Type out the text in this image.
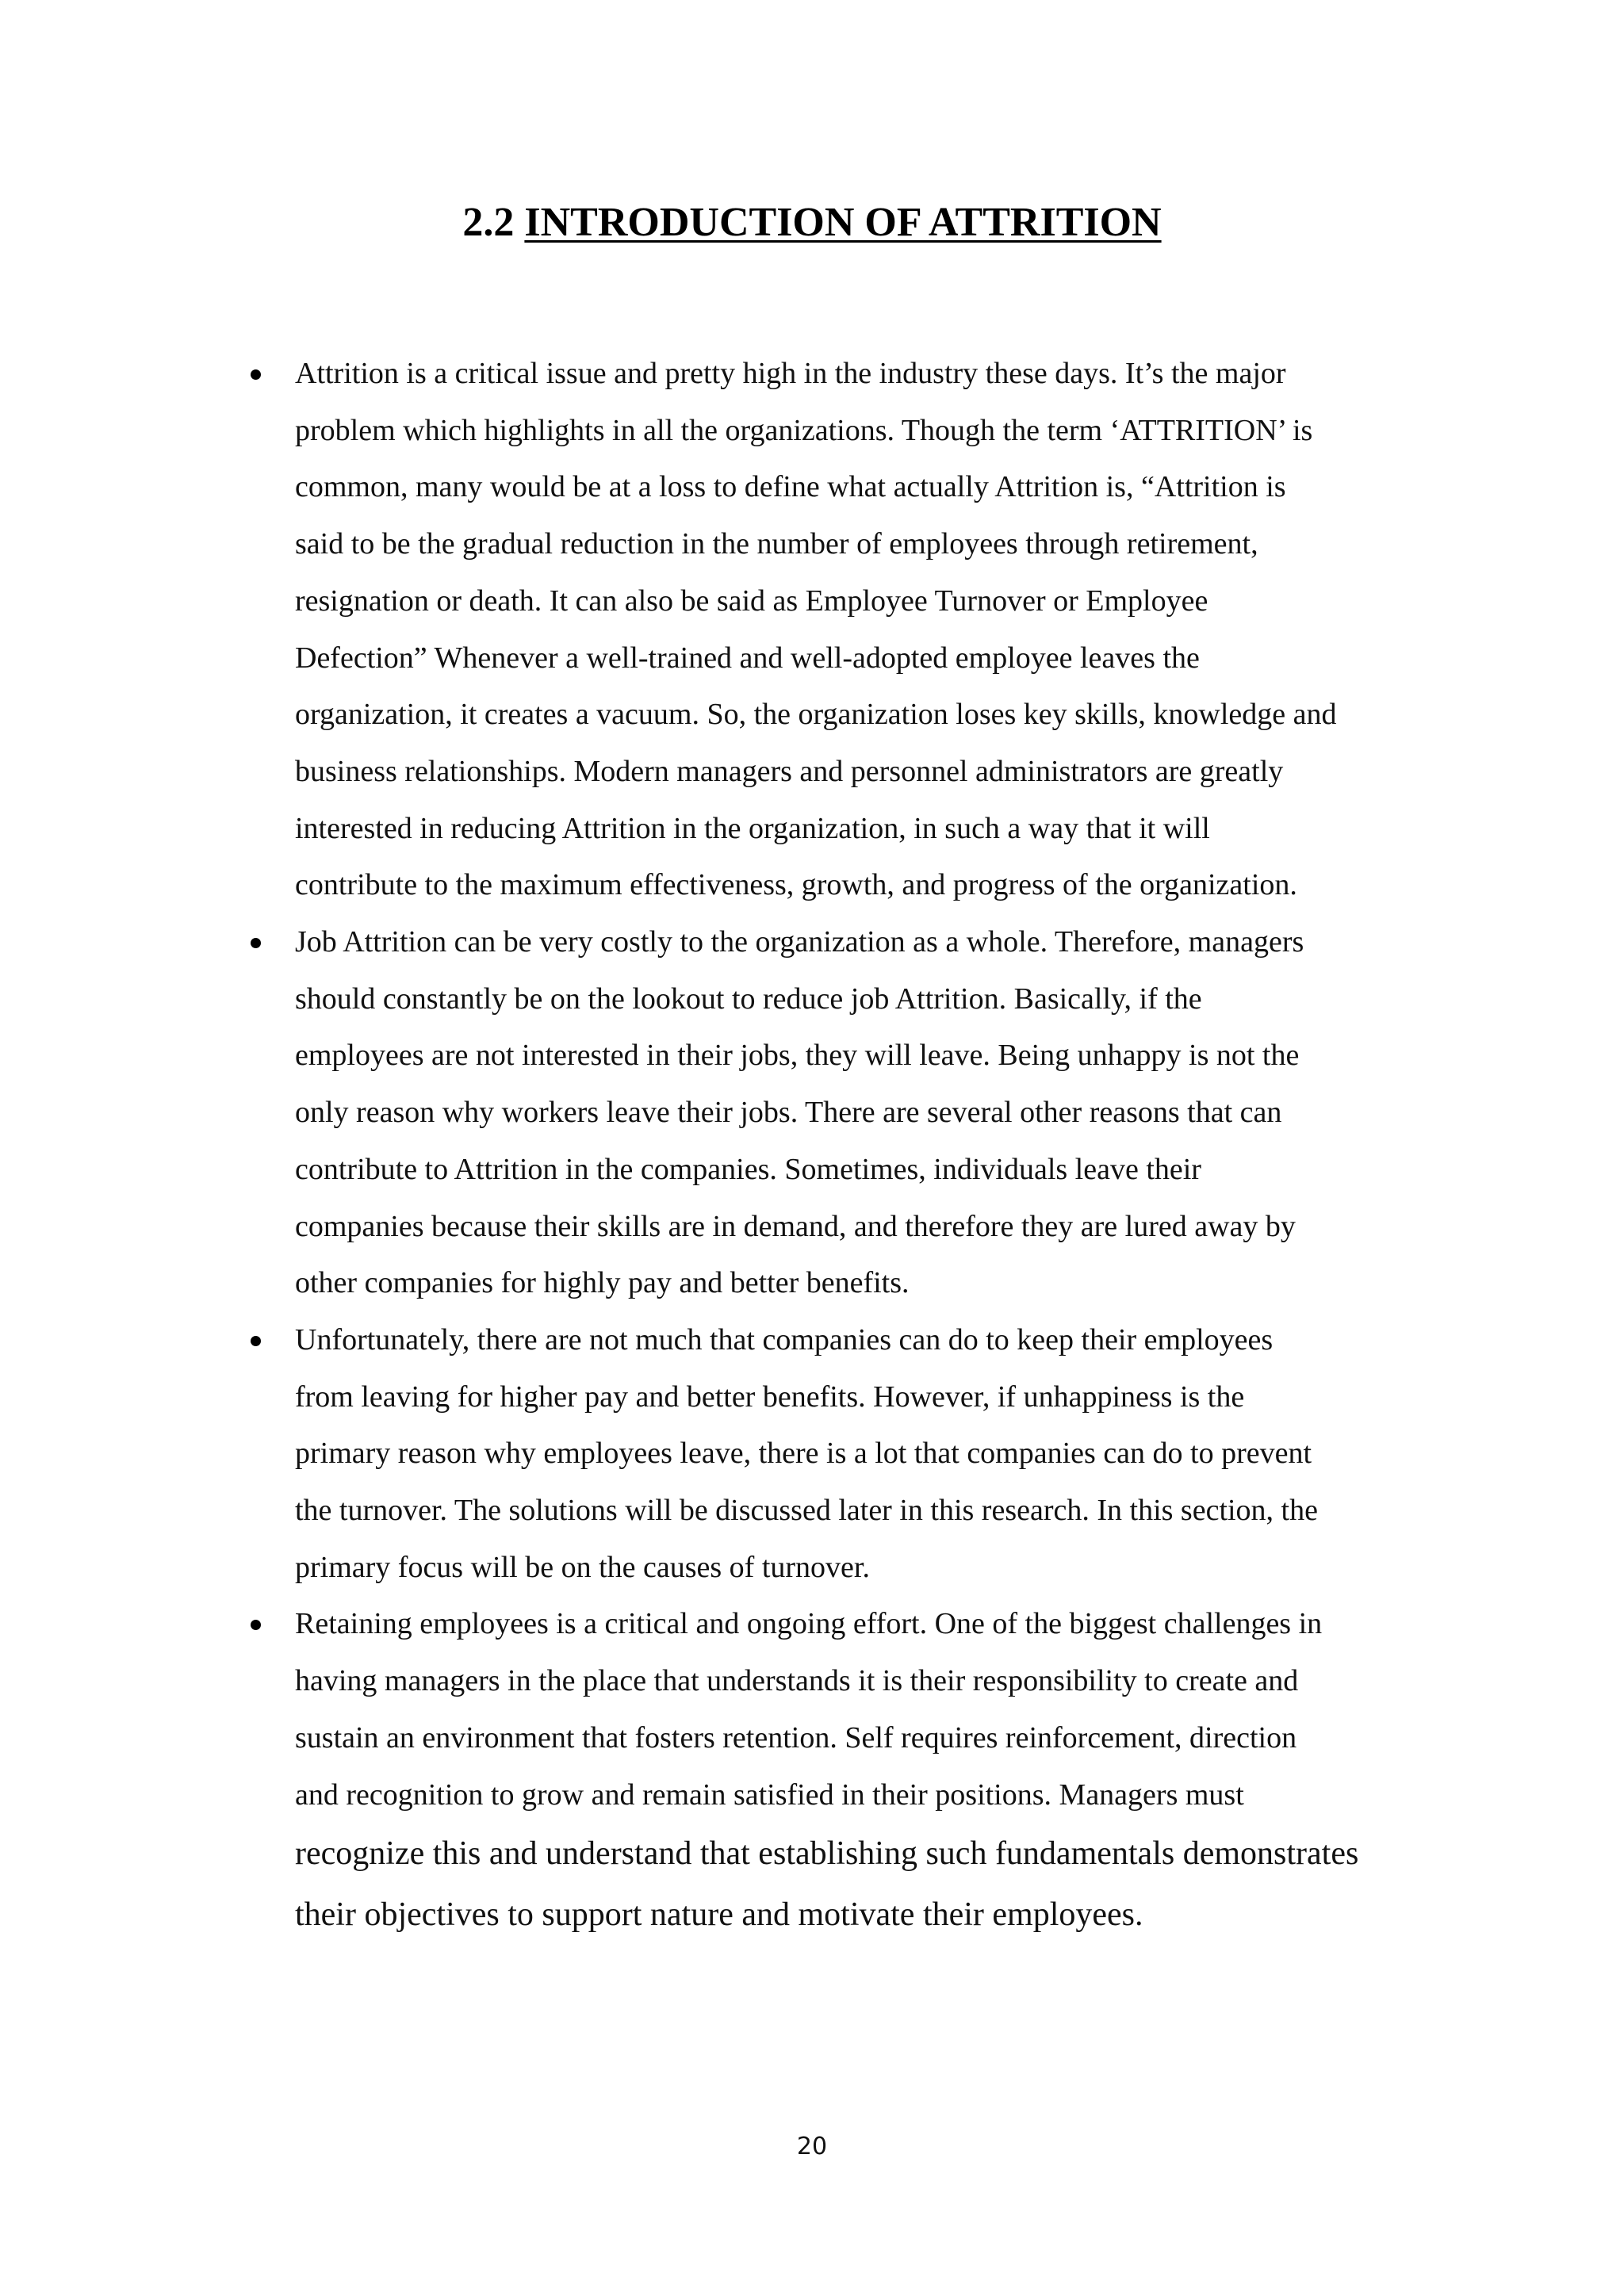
2.2 INTRODUCTION OF ATTRITION
Attrition is a critical issue and pretty high in the industry these days. It’s the major
problem which highlights in all the organizations. Though the term ‘ATTRITION’ is
common, many would be at a loss to define what actually Attrition is, “Attrition is
said to be the gradual reduction in the number of employees through retirement,
resignation or death. It can also be said as Employee Turnover or Employee
Defection” Whenever a well-trained and well-adopted employee leaves the
organization, it creates a vacuum. So, the organization loses key skills, knowledge and
business relationships. Modern managers and personnel administrators are greatly
interested in reducing Attrition in the organization, in such a way that it will
contribute to the maximum effectiveness, growth, and progress of the organization.
Job Attrition can be very costly to the organization as a whole. Therefore, managers
should constantly be on the lookout to reduce job Attrition. Basically, if the
employees are not interested in their jobs, they will leave. Being unhappy is not the
only reason why workers leave their jobs. There are several other reasons that can
contribute to Attrition in the companies. Sometimes, individuals leave their
companies because their skills are in demand, and therefore they are lured away by
other companies for highly pay and better benefits.
Unfortunately, there are not much that companies can do to keep their employees
from leaving for higher pay and better benefits. However, if unhappiness is the
primary reason why employees leave, there is a lot that companies can do to prevent
the turnover. The solutions will be discussed later in this research. In this section, the
primary focus will be on the causes of turnover.
Retaining employees is a critical and ongoing effort. One of the biggest challenges in
having managers in the place that understands it is their responsibility to create and
sustain an environment that fosters retention. Self requires reinforcement, direction
and recognition to grow and remain satisfied in their positions. Managers must
recognize this and understand that establishing such fundamentals demonstrates
their objectives to support nature and motivate their employees.
20
